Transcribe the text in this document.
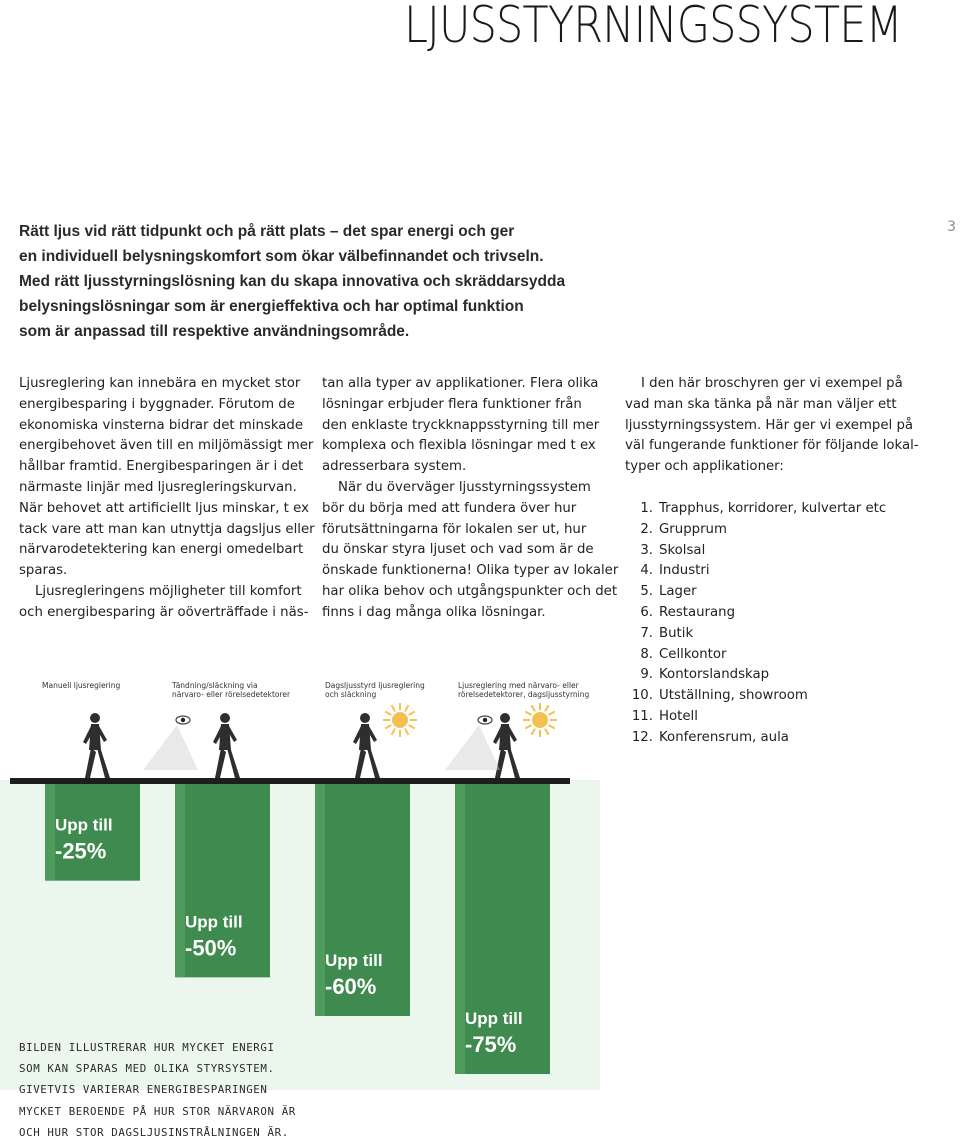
LJUSSTYRNINGSSYSTEM
3

Rätt ljus vid rätt tidpunkt och på rätt plats – det spar energi och ger
en individuell belysningskomfort som ökar välbefinnandet och trivseln.
Med rätt ljusstyrningslösning kan du skapa innovativa och skräddarsydda
belysningslösningar som är energieffektiva och har optimal funktion
som är anpassad till respektive användningsområde.

Ljusreglering kan innebära en mycket stor
energibesparing i byggnader. Förutom de
ekonomiska vinsterna bidrar det minskade
energibehovet även till en miljömässigt mer
hållbar framtid. Energibesparingen är i det
närmaste linjär med ljusregleringskurvan.
När behovet att artificiellt ljus minskar, t ex
tack vare att man kan utnyttja dagsljus eller
närvarodetektering kan energi omedelbart
sparas.
Ljusregleringens möjligheter till komfort
och energibesparing är oöverträffade i näs-

tan alla typer av applikationer. Flera olika
lösningar erbjuder flera funktioner från
den enklaste tryckknappsstyrning till mer
komplexa och flexibla lösningar med t ex
adresserbara system.
När du överväger ljusstyrningssystem
bör du börja med att fundera över hur
förutsättningarna för lokalen ser ut, hur
du önskar styra ljuset och vad som är de
önskade funktionerna! Olika typer av lokaler
har olika behov och utgångspunkter och det
finns i dag många olika lösningar.

I den här broschyren ger vi exempel på
vad man ska tänka på när man väljer ett
ljusstyrningssystem. Här ger vi exempel på
väl fungerande funktioner för följande lokal-
typer och applikationer:

1. Trapphus, korridorer, kulvertar etc
2. Grupprum
3. Skolsal
4. Industri
5. Lager
6. Restaurang
7. Butik
8. Cellkontor
9. Kontorslandskap
10. Utställning, showroom
11. Hotell
12. Konferensrum, aula
Upp till
-25%
Upp till
-50%
Upp till
-60%
Upp till
-75%
Manuell ljusreglering	Tändning/släckning via
närvaro- eller rörelsedetektorer
Dagsljusstyrd ljusreglering
och släckning
Ljusreglering med närvaro- eller
rörelsedetektorer, dagsljusstyrning

BILDEN ILLUSTRERAR HUR MYCKET ENERGI
SOM KAN SPARAS MED OLIKA STYRSYSTEM.
GIVETVIS VARIERAR ENERGIBESPARINGEN
MYCKET BEROENDE PÅ HUR STOR NÄRVARON ÄR
OCH HUR STOR DAGSLJUSINSTRÅLNINGEN ÄR.
